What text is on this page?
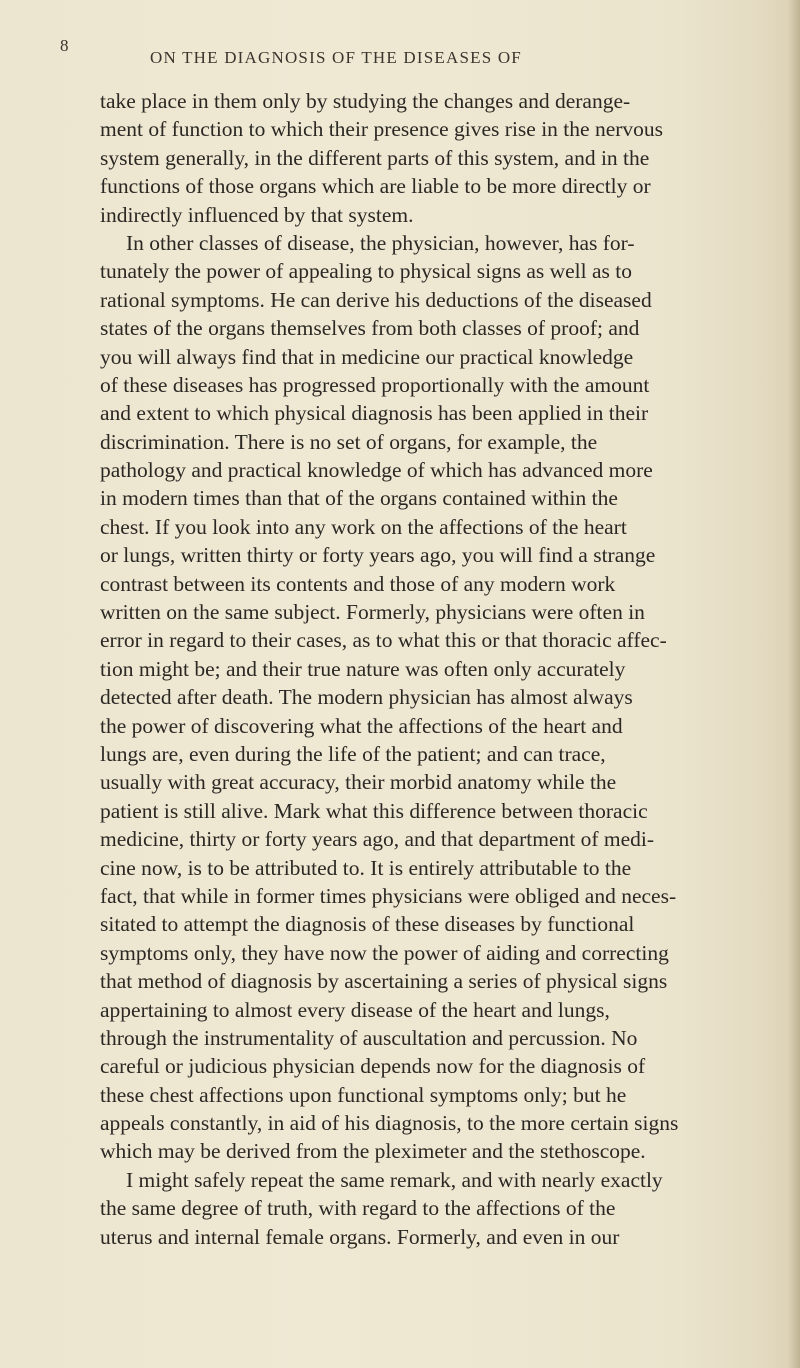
8
ON THE DIAGNOSIS OF THE DISEASES OF
take place in them only by studying the changes and derange-
ment of function to which their presence gives rise in the nervous
system generally, in the different parts of this system, and in the
functions of those organs which are liable to be more directly or
indirectly influenced by that system.
In other classes of disease, the physician, however, has for-
tunately the power of appealing to physical signs as well as to
rational symptoms. He can derive his deductions of the diseased
states of the organs themselves from both classes of proof; and
you will always find that in medicine our practical knowledge
of these diseases has progressed proportionally with the amount
and extent to which physical diagnosis has been applied in their
discrimination. There is no set of organs, for example, the
pathology and practical knowledge of which has advanced more
in modern times than that of the organs contained within the
chest. If you look into any work on the affections of the heart
or lungs, written thirty or forty years ago, you will find a strange
contrast between its contents and those of any modern work
written on the same subject. Formerly, physicians were often in
error in regard to their cases, as to what this or that thoracic affec-
tion might be; and their true nature was often only accurately
detected after death. The modern physician has almost always
the power of discovering what the affections of the heart and
lungs are, even during the life of the patient; and can trace,
usually with great accuracy, their morbid anatomy while the
patient is still alive. Mark what this difference between thoracic
medicine, thirty or forty years ago, and that department of medi-
cine now, is to be attributed to. It is entirely attributable to the
fact, that while in former times physicians were obliged and neces-
sitated to attempt the diagnosis of these diseases by functional
symptoms only, they have now the power of aiding and correcting
that method of diagnosis by ascertaining a series of physical signs
appertaining to almost every disease of the heart and lungs,
through the instrumentality of auscultation and percussion. No
careful or judicious physician depends now for the diagnosis of
these chest affections upon functional symptoms only; but he
appeals constantly, in aid of his diagnosis, to the more certain signs
which may be derived from the pleximeter and the stethoscope.
I might safely repeat the same remark, and with nearly exactly
the same degree of truth, with regard to the affections of the
uterus and internal female organs. Formerly, and even in our
